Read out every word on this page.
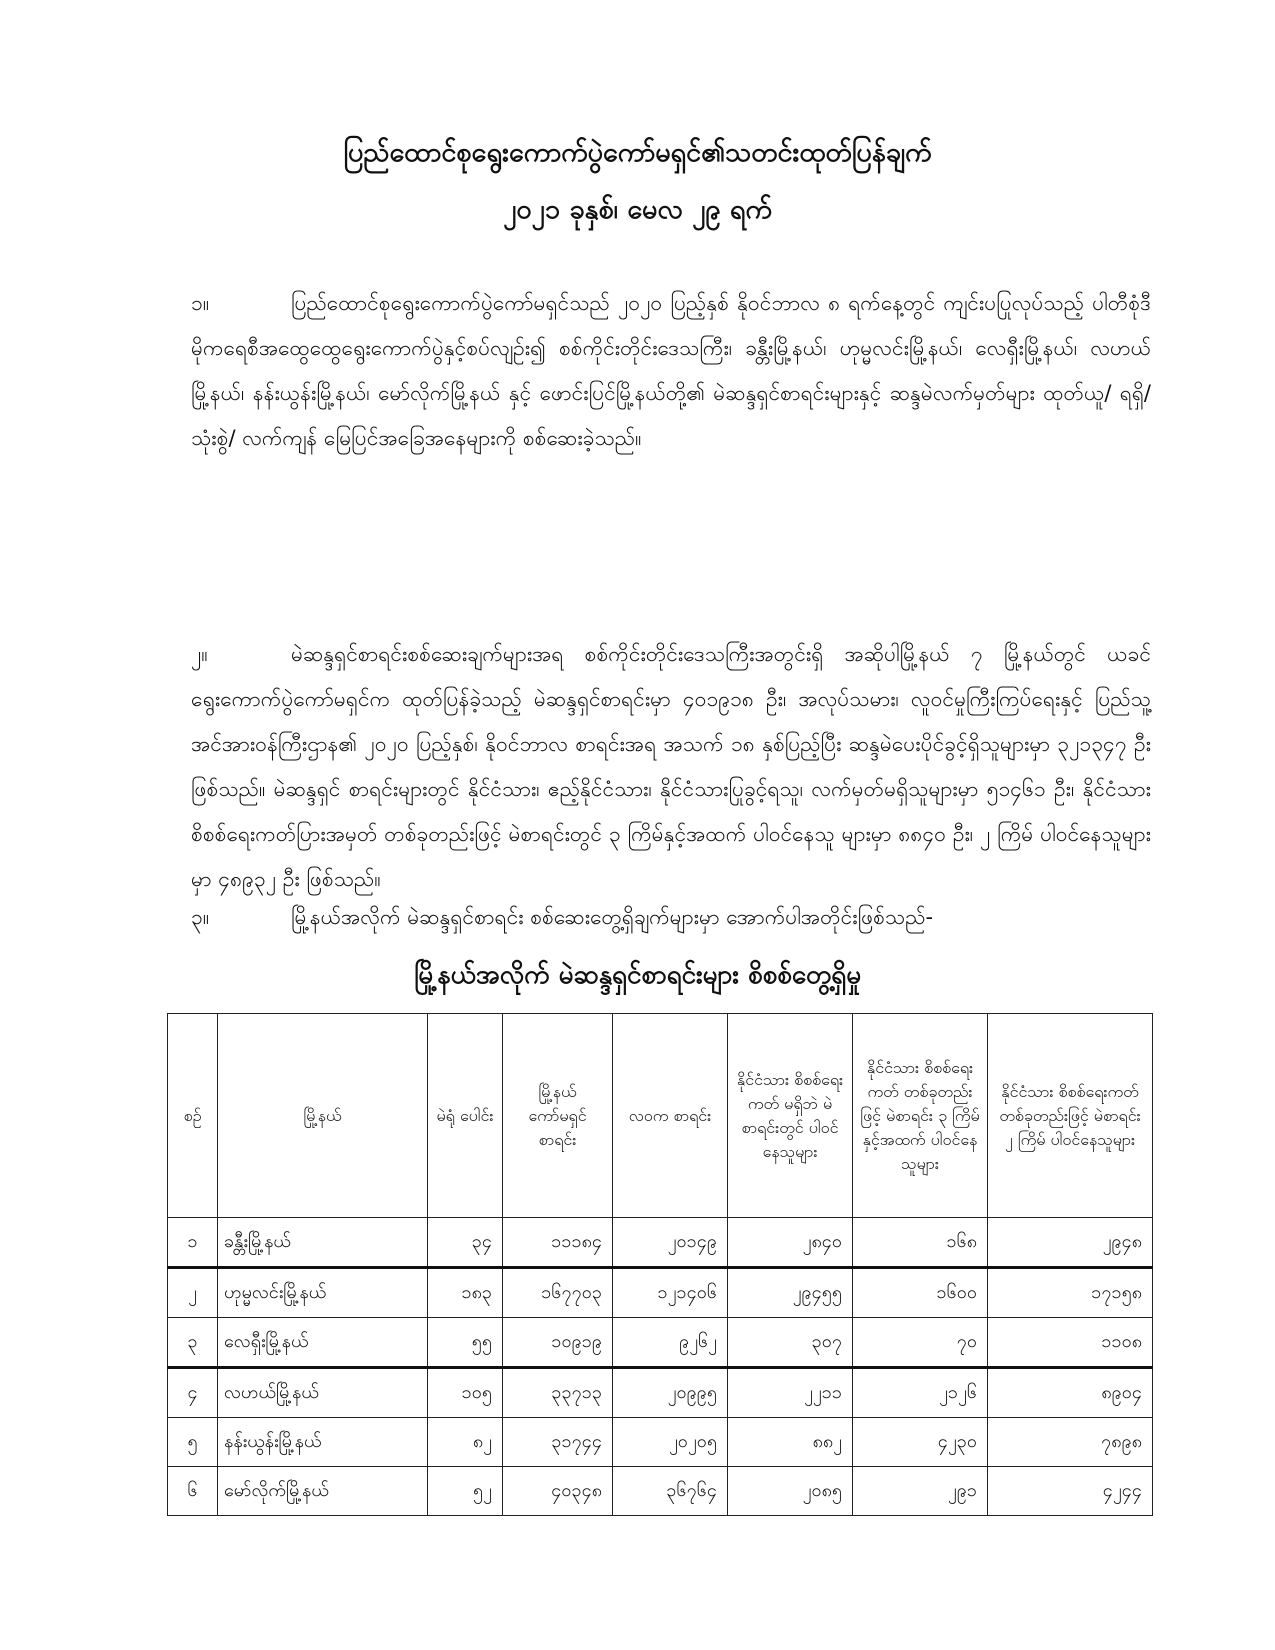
ပြည်ထောင်စုရွေးကောက်ပွဲကော်မရှင်၏သတင်းထုတ်ပြန်ချက်
၂၀၂၁ ခုနှစ်၊ မေလ ၂၉ ရက်
၁။	ပြည်ထောင်စုရွေးကောက်ပွဲကော်မရှင်သည် ၂၀၂၀ ပြည့်နှစ် နိုဝင်ဘာလ ၈ ရက်နေ့တွင် ကျင်းပပြုလုပ်သည့် ပါတီစုံဒီမိုကရေစီအထွေထွေရွေးကောက်ပွဲနှင့်စပ်လျဉ်း၍ စစ်ကိုင်းတိုင်းဒေသကြီး၊ ခန္တီးမြို့နယ်၊ ဟုမ္မလင်းမြို့နယ်၊ လေရှီးမြို့နယ်၊ လဟယ်မြို့နယ်၊ နန်းယွန်းမြို့နယ်၊ မော်လိုက်မြို့နယ် နှင့် ဖောင်းပြင်မြို့နယ်တို့၏ မဲဆန္ဒရှင်စာရင်းများနှင့် ဆန္ဒမဲလက်မှတ်များ ထုတ်ယူ/ ရရှိ/ သုံးစွဲ/ လက်ကျန် မြေပြင်အခြေအနေများကို စစ်ဆေးခဲ့သည်။
၂။	မဲဆန္ဒရှင်စာရင်းစစ်ဆေးချက်များအရ စစ်ကိုင်းတိုင်းဒေသကြီးအတွင်းရှိ အဆိုပါမြို့နယ် ၇ မြို့နယ်တွင် ယခင် ရွေးကောက်ပွဲကော်မရှင်က ထုတ်ပြန်ခဲ့သည့် မဲဆန္ဒရှင်စာရင်းမှာ ၄၀၁၉၁၈ ဦး၊ အလုပ်သမား၊ လူဝင်မှုကြီးကြပ်ရေးနှင့် ပြည်သူ့အင်အားဝန်ကြီးဌာန၏ ၂၀၂၀ ပြည့်နှစ်၊ နိုဝင်ဘာလ စာရင်းအရ အသက် ၁၈ နှစ်ပြည့်ပြီး ဆန္ဒမဲပေးပိုင်ခွင့်ရှိသူများမှာ ၃၂၁၃၄၇ ဦး ဖြစ်သည်။ မဲဆန္ဒရှင် စာရင်းများတွင် နိုင်ငံသား၊ ဧည့်နိုင်ငံသား၊ နိုင်ငံသားပြုခွင့်ရသူ၊ လက်မှတ်မရှိသူများမှာ ၅၁၄၆၁ ဦး၊ နိုင်ငံသားစိစစ်ရေးကတ်ပြားအမှတ် တစ်ခုတည်းဖြင့် မဲစာရင်းတွင် ၃ ကြိမ်နှင့်အထက် ပါဝင်နေသူ များမှာ ၈၈၄၀ ဦး၊ ၂ ကြိမ် ပါဝင်နေသူများမှာ ၄၈၉၃၂ ဦး ဖြစ်သည်။
၃။	မြို့နယ်အလိုက် မဲဆန္ဒရှင်စာရင်း စစ်ဆေးတွေ့ရှိချက်များမှာ အောက်ပါအတိုင်းဖြစ်သည်-
မြို့နယ်အလိုက် မဲဆန္ဒရှင်စာရင်းများ စိစစ်တွေ့ရှိမှု
စဉ်	မြို့နယ်	မဲရုံ ပေါင်း	မြို့နယ် ကော်မရှင် စာရင်း	လဝက စာရင်း	နိုင်ငံသား စိစစ်ရေးကတ် မရှိဘဲ မဲစာရင်းတွင် ပါဝင်နေသူများ	နိုင်ငံသား စိစစ်ရေးကတ် တစ်ခုတည်းဖြင့် မဲစာရင်း ၃ ကြိမ် နှင့်အထက် ပါဝင်နေသူများ	နိုင်ငံသား စိစစ်ရေးကတ် တစ်ခုတည်းဖြင့် မဲစာရင်း ၂ ကြိမ် ပါဝင်နေသူများ
၁	ခန္တီးမြို့နယ်	၃၄	၁၁၁၈၄	၂၀၁၄၉	၂၈၄၀	၁၆၈	၂၉၄၈
၂	ဟုမ္မလင်းမြို့နယ်	၁၈၃	၁၆၇၇၀၃	၁၂၁၄၀၆	၂၉၄၅၅	၁၆၀၀	၁၇၁၅၈
၃	လေရှီးမြို့နယ်	၅၅	၁၀၉၁၉	၉၂၆၂	၃၀၇	၇၀	၁၁၀၈
၄	လဟယ်မြို့နယ်	၁၀၅	၃၃၇၁၃	၂၀၉၉၅	၂၂၁၁	၂၁၂၆	၈၉၀၄
၅	နန်းယွန်းမြို့နယ်	၈၂	၃၁၇၄၄	၂၀၂၀၅	၈၈၂	၄၂၃၀	၇၈၉၈
၆	မော်လိုက်မြို့နယ်	၅၂	၄၀၃၄၈	၃၆၇၆၄	၂၀၈၅	၂၉၁	၄၂၄၄
